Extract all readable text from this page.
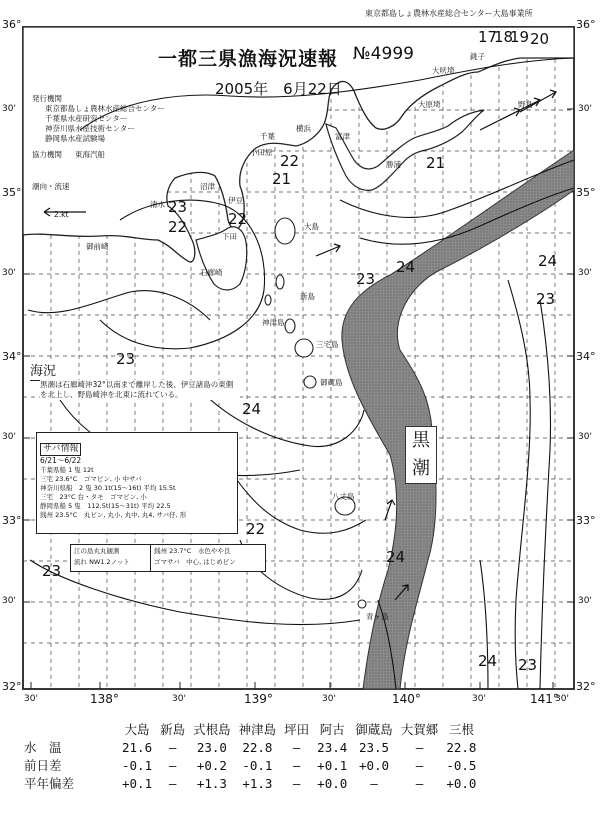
東京都島しょ農林水産総合センター大島事業所
一都三県漁海況速報 №4999
2005年　6月22日
発行機関
東京都島しょ農林水産総合センター
千葉県水産研究センター
神奈川県水産技術センター
静岡県水産試験場
協力機関 東海汽船
潮向・流速
2.kt
36°
30'
35°
30'
34°
30'
33°
30'
32°
36°
30'
35°
30'
34°
30'
33°
30'
32°
30'	138°	30'	139°	30'	140°	30'	141°
30'
大吠埼
銚子
富津
千葉
横浜
勝浦
大原埼
小田原
下田
伊豆
沼津
清水
御前崎
石廊崎
大島
新島
神津島
三宅島
御蔵島
八丈島
青ヶ島
野島
17
18
19 20
21
21
22
22
22
23
23
23
23
24
24
24
24
23
22
23
24
黒
潮
海況
黒潮は石廊崎沖32°以南まで離岸した後、伊豆諸島の東側を北上し、野島崎沖を北東に流れている。
サバ情報
6/21～6/22
千葉県船 1 隻 12t
三宅 23.6°C　ゴマビン, 小 中サバ
神奈川県船　2 隻 30.1t(15～16t) 平均 15.5t
三宅　23°C 台・タモ　ゴマビン, 小
静岡県船 5 隻　112.5t(15～31t) 平均 22.5
銭州 23.5°C　丸ビン, 丸小, 丸中, 丸4, サバ仔, 形
江の島丸丸観測
流れ NW1.2ノット
銭州 23.7°C　水色やや良
ゴマサバ　中心, はじめビン
	大島	新島	式根島	神津島	坪田	阿古	御蔵島	大賀郷	三根
水　温	21.6	—	23.0	22.8	—	23.4	23.5	—	22.8
前日差	-0.1	—	+0.2	-0.1	—	+0.1	+0.0	—	-0.5
平年偏差	+0.1	—	+1.3	+1.3	—	+0.0	—	—	+0.0
